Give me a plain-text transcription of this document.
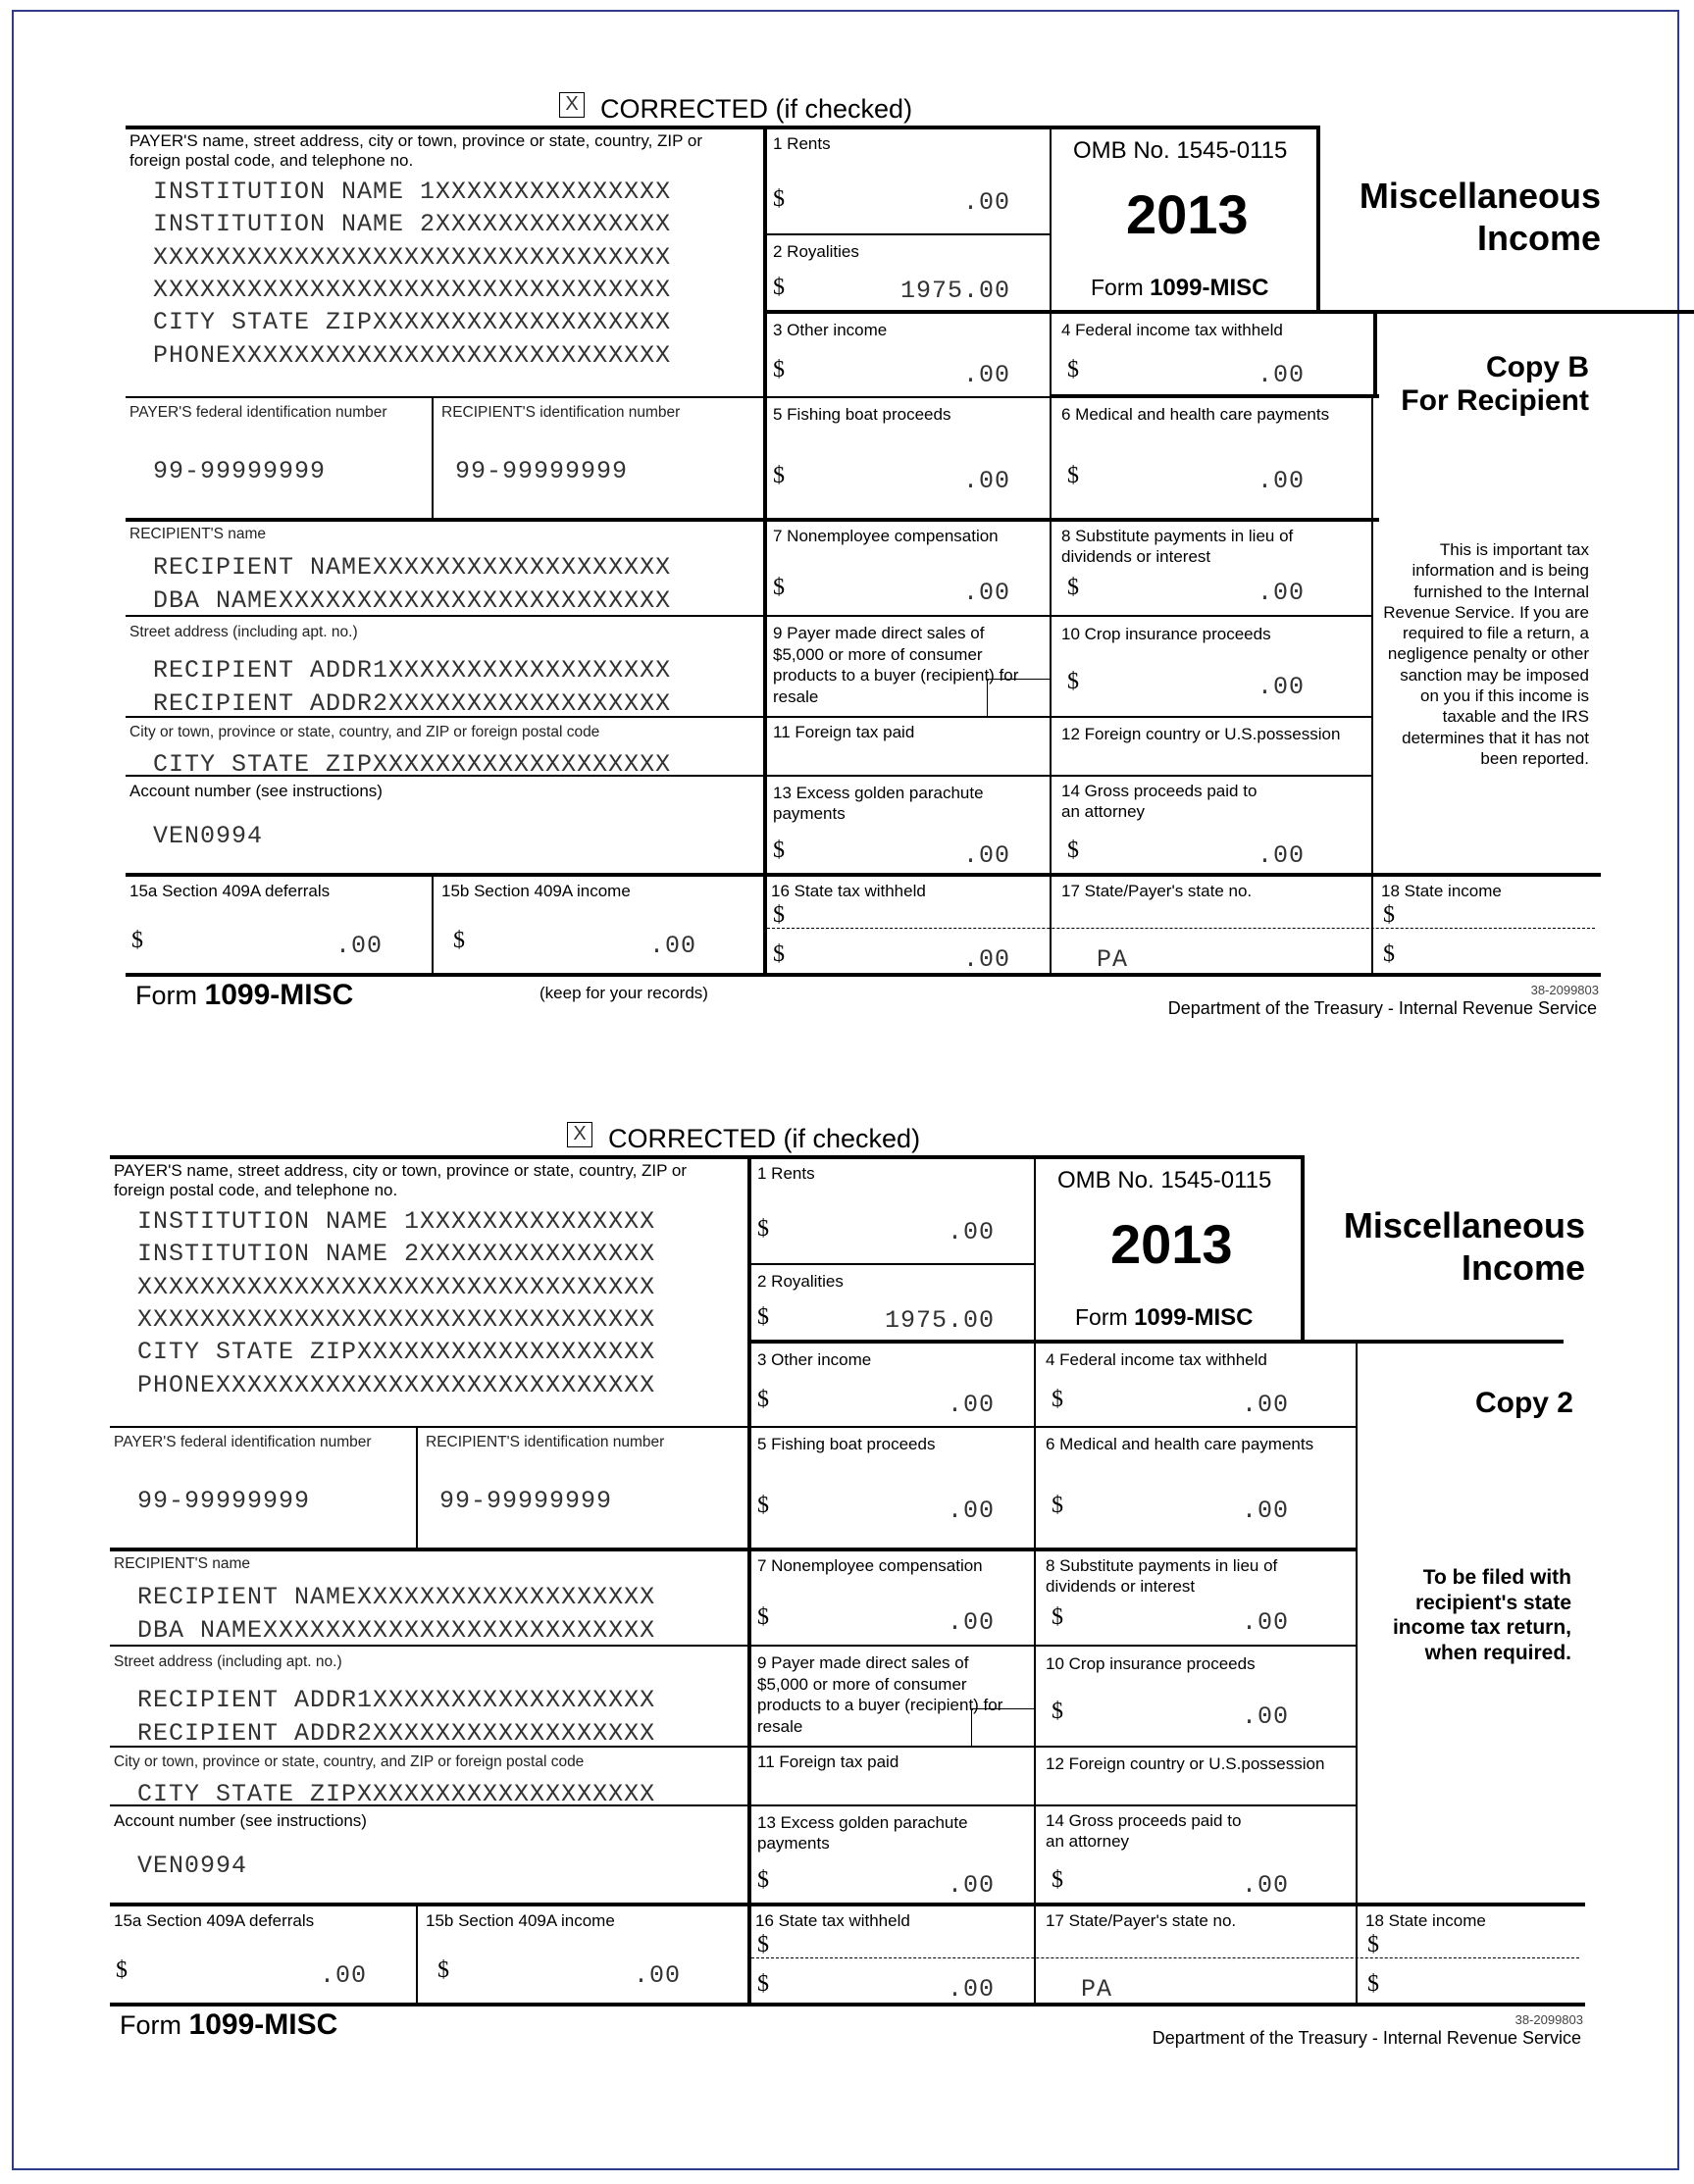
X CORRECTED (if checked)
PAYER'S name, street address, city or town, province or state, country, ZIP or foreign postal code, and telephone no.
INSTITUTION NAME 1XXXXXXXXXXXXXXX
INSTITUTION NAME 2XXXXXXXXXXXXXXX
XXXXXXXXXXXXXXXXXXXXXXXXXXXXXXXXX
XXXXXXXXXXXXXXXXXXXXXXXXXXXXXXXXX
CITY STATE ZIPXXXXXXXXXXXXXXXXXXX
PHONEXXXXXXXXXXXXXXXXXXXXXXXXXXXX
PAYER'S federal identification number
99-99999999
RECIPIENT'S identification number
99-99999999
RECIPIENT'S name
RECIPIENT NAMEXXXXXXXXXXXXXXXXXXX
DBA NAMEXXXXXXXXXXXXXXXXXXXXXXXXX
Street address (including apt. no.)
RECIPIENT ADDR1XXXXXXXXXXXXXXXXXX
RECIPIENT ADDR2XXXXXXXXXXXXXXXXXX
City or town, province or state, country, and ZIP or foreign postal code
CITY STATE ZIPXXXXXXXXXXXXXXXXXXX
Account number (see instructions)
VEN0994
1 Rents
$	.00
2 Royalities
$	1975.00
OMB No. 1545-0115
2013
Form 1099-MISC
Miscellaneous
Income
3 Other income
$	.00
4 Federal income tax withheld
$	.00	Copy B
For Recipient
5 Fishing boat proceeds
$	.00
6 Medical and health care payments
$	.00
7 Nonemployee compensation
$	.00
8 Substitute payments in lieu of dividends or interest
$	.00
This is important tax information and is being furnished to the Internal Revenue Service. If you are required to file a return, a negligence penalty or other sanction may be imposed on you if this income is taxable and the IRS determines that it has not been reported.
9 Payer made direct sales of $5,000 or more of consumer products to a buyer (recipient) for resale
10 Crop insurance proceeds
$	.00
11 Foreign tax paid	12 Foreign country or U.S.possession
13 Excess golden parachute payments
$	.00
14 Gross proceeds paid to an attorney
$	.00
15a Section 409A deferrals
$	.00
15b Section 409A income
$	.00
16 State tax withheld
$
$	.00
17 State/Payer's state no.
PA
18 State income
$
$
Form 1099-MISC	(keep for your records)	38-2099803
Department of the Treasury - Internal Revenue Service
X CORRECTED (if checked)
PAYER'S name, street address, city or town, province or state, country, ZIP or foreign postal code, and telephone no.
INSTITUTION NAME 1XXXXXXXXXXXXXXX
INSTITUTION NAME 2XXXXXXXXXXXXXXX
XXXXXXXXXXXXXXXXXXXXXXXXXXXXXXXXX
XXXXXXXXXXXXXXXXXXXXXXXXXXXXXXXXX
CITY STATE ZIPXXXXXXXXXXXXXXXXXXX
PHONEXXXXXXXXXXXXXXXXXXXXXXXXXXXX
PAYER'S federal identification number
99-99999999
RECIPIENT'S identification number
99-99999999
RECIPIENT'S name
RECIPIENT NAMEXXXXXXXXXXXXXXXXXXX
DBA NAMEXXXXXXXXXXXXXXXXXXXXXXXXX
Street address (including apt. no.)
RECIPIENT ADDR1XXXXXXXXXXXXXXXXXX
RECIPIENT ADDR2XXXXXXXXXXXXXXXXXX
City or town, province or state, country, and ZIP or foreign postal code
CITY STATE ZIPXXXXXXXXXXXXXXXXXXX
Account number (see instructions)
VEN0994
1 Rents
$	.00
2 Royalities
$	1975.00
OMB No. 1545-0115
2013
Form 1099-MISC
Miscellaneous
Income
3 Other income
$	.00
4 Federal income tax withheld
$	.00	Copy 2
5 Fishing boat proceeds
$	.00
6 Medical and health care payments
$	.00
7 Nonemployee compensation
$	.00
8 Substitute payments in lieu of dividends or interest
$	.00
To be filed with recipient's state income tax return, when required.
9 Payer made direct sales of $5,000 or more of consumer products to a buyer (recipient) for resale
10 Crop insurance proceeds
$	.00
11 Foreign tax paid	12 Foreign country or U.S.possession
13 Excess golden parachute payments
$	.00
14 Gross proceeds paid to an attorney
$	.00
15a Section 409A deferrals
$	.00
15b Section 409A income
$	.00
16 State tax withheld
$
$	.00
17 State/Payer's state no.
PA
18 State income
$
$
Form 1099-MISC	38-2099803
Department of the Treasury - Internal Revenue Service
